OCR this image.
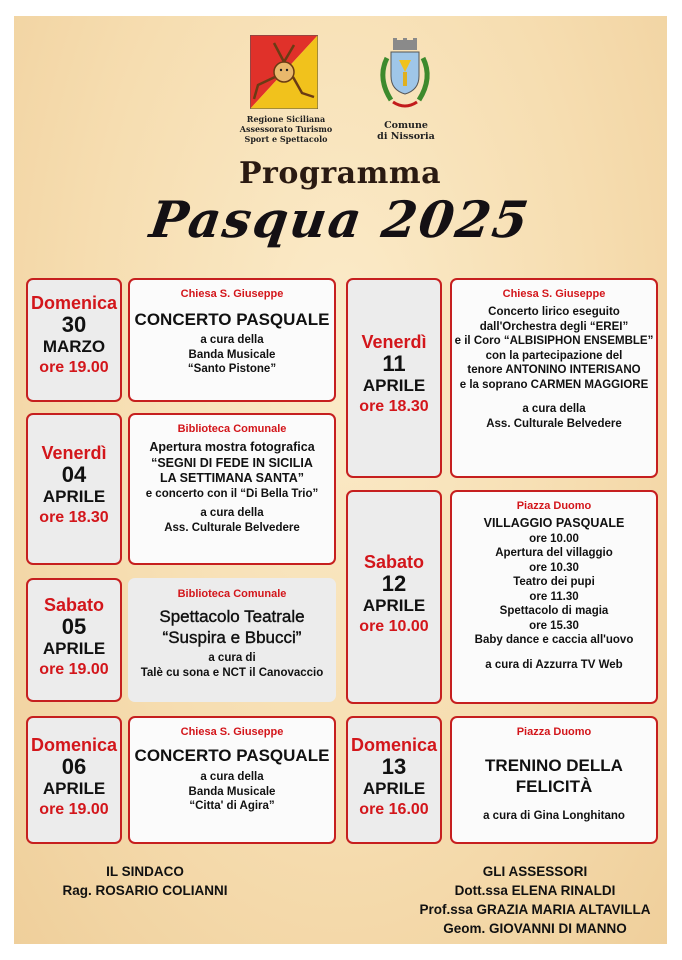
Regione Siciliana
Assessorato Turismo
Sport e Spettacolo
Comune
di Nissoria
Programma
Pasqua 2025
Domenica
30
MARZO
ore 19.00
Chiesa S. Giuseppe
CONCERTO PASQUALE
a cura della
Banda Musicale
“Santo Pistone”
Venerdì
04
APRILE
ore 18.30
Biblioteca Comunale
Apertura mostra fotografica
“SEGNI DI FEDE IN SICILIA
LA SETTIMANA SANTA”
e concerto con il “Di Bella Trio”
a cura della
Ass. Culturale Belvedere
Sabato
05
APRILE
ore 19.00
Biblioteca Comunale
Spettacolo Teatrale
“Suspira e Bbucci”
a cura di
Talè cu sona e NCT il Canovaccio
Domenica
06
APRILE
ore 19.00
Chiesa S. Giuseppe
CONCERTO PASQUALE
a cura della
Banda Musicale
“Citta' di Agira”
Venerdì
11
APRILE
ore 18.30
Chiesa S. Giuseppe
Concerto lirico eseguito
dall'Orchestra degli “EREI”
e il Coro “ALBISIPHON ENSEMBLE”
con la partecipazione del
tenore ANTONINO INTERISANO
e la soprano CARMEN MAGGIORE
a cura della
Ass. Culturale Belvedere
Sabato
12
APRILE
ore 10.00
Piazza Duomo
VILLAGGIO PASQUALE
ore 10.00
Apertura del villaggio
ore 10.30
Teatro dei pupi
ore 11.30
Spettacolo di magia
ore 15.30
Baby dance e caccia all'uovo
a cura di Azzurra TV Web
Domenica
13
APRILE
ore 16.00
Piazza Duomo
TRENINO DELLA
FELICITÀ
a cura di Gina Longhitano
IL SINDACO
Rag. ROSARIO COLIANNI
GLI ASSESSORI
Dott.ssa ELENA RINALDI
Prof.ssa GRAZIA MARIA ALTAVILLA
Geom. GIOVANNI DI MANNO
